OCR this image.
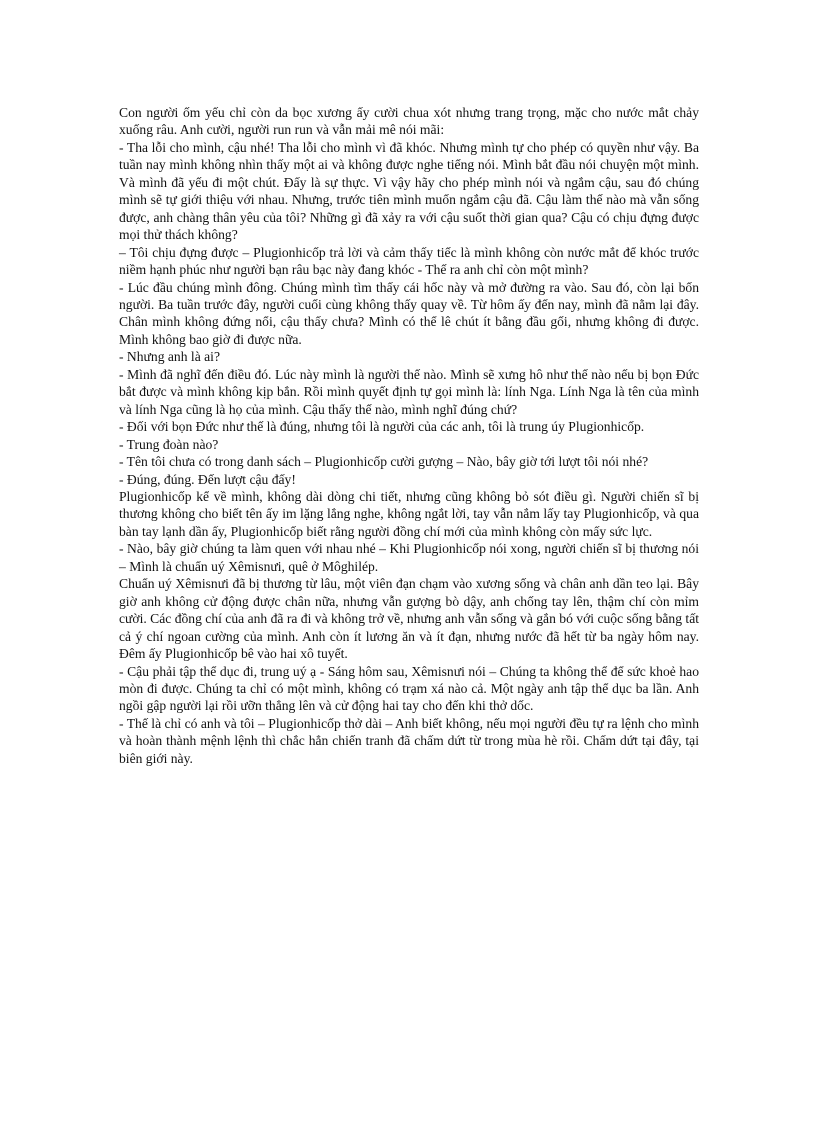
Con người ốm yếu chỉ còn da bọc xương ấy cười chua xót nhưng trang trọng, mặc cho nước mắt chảy xuống râu. Anh cười, người run run và vẫn mải mê nói mãi:

- Tha lỗi cho mình, cậu nhé! Tha lỗi cho mình vì đã khóc. Nhưng mình tự cho phép có quyền như vậy. Ba tuần nay mình không nhìn thấy một ai và không được nghe tiếng nói. Mình bắt đầu nói chuyện một mình. Và mình đã yếu đi một chút. Đấy là sự thực. Vì vậy hãy cho phép mình nói và ngắm cậu, sau đó chúng mình sẽ tự giới thiệu với nhau. Nhưng, trước tiên mình muốn ngắm cậu đã. Cậu làm thế nào mà vẫn sống được, anh chàng thân yêu của tôi? Những gì đã xảy ra với cậu suốt thời gian qua? Cậu có chịu đựng được mọi thử thách không?

– Tôi chịu đựng được – Plugionhicốp trả lời và cảm thấy tiếc là mình không còn nước mắt để khóc trước niềm hạnh phúc như người bạn râu bạc này đang khóc - Thế ra anh chỉ còn một mình?

- Lúc đầu chúng mình đông. Chúng mình tìm thấy cái hốc này và mở đường ra vào. Sau đó, còn lại bốn người. Ba tuần trước đây, người cuối cùng không thấy quay về. Từ hôm ấy đến nay, mình đã nằm lại đây. Chân mình không đứng nổi, cậu thấy chưa? Mình có thể lê chút ít bằng đầu gối, nhưng không đi được. Mình không bao giờ đi được nữa.

- Nhưng anh là ai?

- Mình đã nghĩ đến điều đó. Lúc này mình là người thế nào. Mình sẽ xưng hô như thế nào nếu bị bọn Đức bắt được và mình không kịp bắn. Rồi mình quyết định tự gọi mình là: lính Nga. Lính Nga là tên của mình và lính Nga cũng là họ của mình. Cậu thấy thế nào, mình nghĩ đúng chứ?

- Đối với bọn Đức như thế là đúng, nhưng tôi là người của các anh, tôi là trung úy Plugionhicốp.

- Trung đoàn nào?

- Tên tôi chưa có trong danh sách – Plugionhicốp cười gượng – Nào, bây giờ tới lượt tôi nói nhé?

- Đúng, đúng. Đến lượt cậu đấy!

Plugionhicốp kể về mình, không dài dòng chi tiết, nhưng cũng không bỏ sót điều gì. Người chiến sĩ bị thương không cho biết tên ấy im lặng lắng nghe, không ngắt lời, tay vẫn nắm lấy tay Plugionhicốp, và qua bàn tay lạnh dần ấy, Plugionhicốp biết rằng người đồng chí mới của mình không còn mấy sức lực.

- Nào, bây giờ chúng ta làm quen với nhau nhé – Khi Plugionhicốp nói xong, người chiến sĩ bị thương nói – Mình là chuẩn uý Xêmisnưi, quê ở Môghilép.

Chuẩn uý Xêmisnưi đã bị thương từ lâu, một viên đạn chạm vào xương sống và chân anh dần teo lại. Bây giờ anh không cử động được chân nữa, nhưng vẫn gượng bò dậy, anh chống tay lên, thậm chí còn mỉm cười. Các đồng chí của anh đã ra đi và không trở về, nhưng anh vẫn sống và gắn bó với cuộc sống bằng tất cả ý chí ngoan cường của mình. Anh còn ít lương ăn và ít đạn, nhưng nước đã hết từ ba ngày hôm nay. Đêm ấy Plugionhicốp bê vào hai xô tuyết.

- Cậu phải tập thể dục đi, trung uý ạ - Sáng hôm sau, Xêmisnưi nói – Chúng ta không thể để sức khoẻ hao mòn đi được. Chúng ta chỉ có một mình, không có trạm xá nào cả. Một ngày anh tập thể dục ba lần. Anh ngồi gập người lại rồi ưỡn thẳng lên và cử động hai tay cho đến khi thở dốc.

- Thế là chỉ có anh và tôi – Plugionhicốp thở dài – Anh biết không, nếu mọi người đều tự ra lệnh cho mình và hoàn thành mệnh lệnh thì chắc hẳn chiến tranh đã chấm dứt từ trong mùa hè rồi. Chấm dứt tại đây, tại biên giới này.
